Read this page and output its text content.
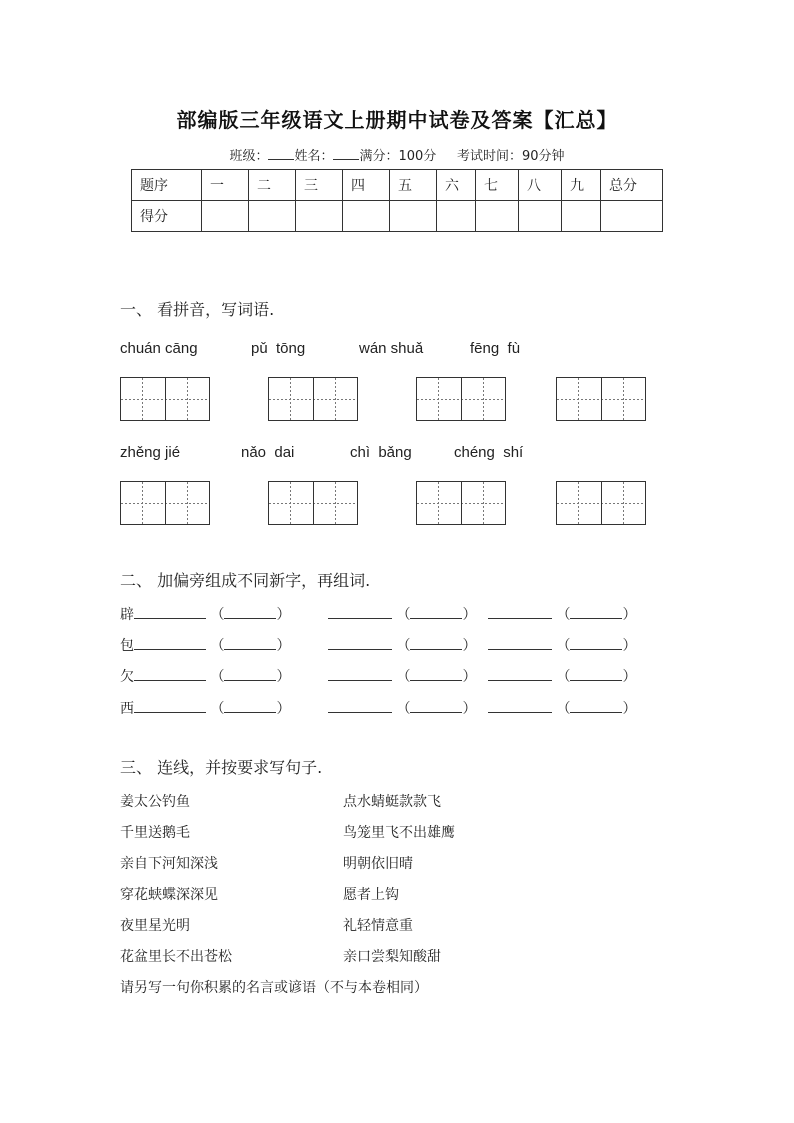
部编版三年级语文上册期中试卷及答案【汇总】
班级： 姓名： 满分：100分 考试时间：90分钟
题序	一	二	三	四	五	六	七	八	九	总分
得分										
一、 看拼音，写词语.
chuán cāng	pǔ  tōng	wán shuǎ	fēng  fù
zhěng jié	nǎo  dai	chì  bǎng	chéng  shí
二、 加偏旁组成不同新字，再组词.
辟	（	）	（	）	（	）
包	（	）	（	）	（	）
欠	（	）	（	）	（	）
西	（	）	（	）	（	）
三、 连线，并按要求写句子.
姜太公钓鱼
千里送鹅毛
亲自下河知深浅
穿花蛱蝶深深见
夜里星光明
花盆里长不出苍松
点水蜻蜓款款飞
鸟笼里飞不出雄鹰
明朝依旧晴
愿者上钩
礼轻情意重
亲口尝梨知酸甜
请另写一句你积累的名言或谚语（不与本卷相同）
